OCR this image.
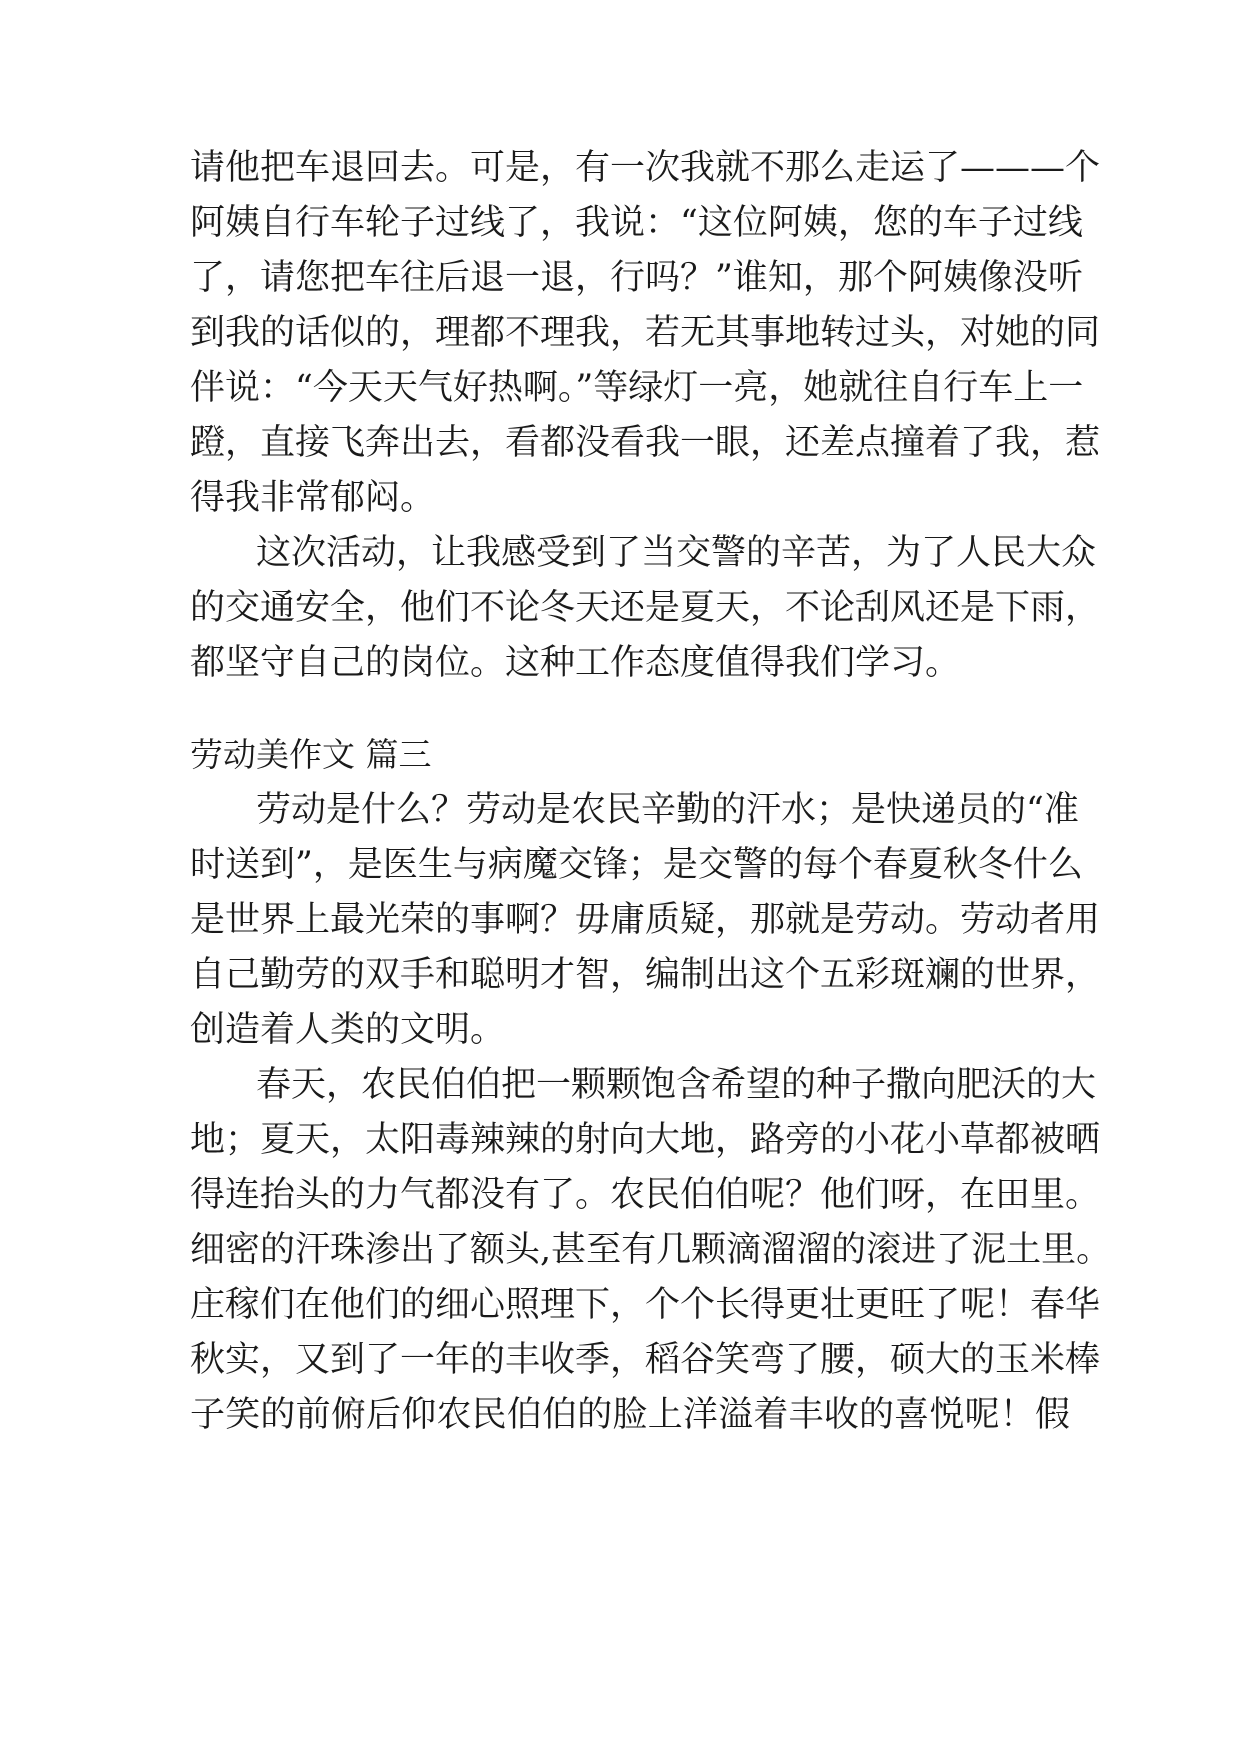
请他把车退回去。可是，有一次我就不那么走运了———个
阿姨自行车轮子过线了，我说：“这位阿姨，您的车子过线
了，请您把车往后退一退，行吗？”谁知，那个阿姨像没听
到我的话似的，理都不理我，若无其事地转过头，对她的同
伴说：“今天天气好热啊。”等绿灯一亮，她就往自行车上一
蹬，直接飞奔出去，看都没看我一眼，还差点撞着了我，惹
得我非常郁闷。
这次活动，让我感受到了当交警的辛苦，为了人民大众
的交通安全，他们不论冬天还是夏天，不论刮风还是下雨，
都坚守自己的岗位。这种工作态度值得我们学习。
劳动美作文 篇三
劳动是什么？劳动是农民辛勤的汗水；是快递员的“准
时送到”，是医生与病魔交锋；是交警的每个春夏秋冬什么
是世界上最光荣的事啊？毋庸质疑，那就是劳动。劳动者用
自己勤劳的双手和聪明才智，编制出这个五彩斑斓的世界，
创造着人类的文明。
春天，农民伯伯把一颗颗饱含希望的种子撒向肥沃的大
地；夏天，太阳毒辣辣的射向大地，路旁的小花小草都被晒
得连抬头的力气都没有了。农民伯伯呢？他们呀，在田里。
细密的汗珠渗出了额头,甚至有几颗滴溜溜的滚进了泥土里。
庄稼们在他们的细心照理下，个个长得更壮更旺了呢！春华
秋实，又到了一年的丰收季，稻谷笑弯了腰，硕大的玉米棒
子笑的前俯后仰农民伯伯的脸上洋溢着丰收的喜悦呢！假
